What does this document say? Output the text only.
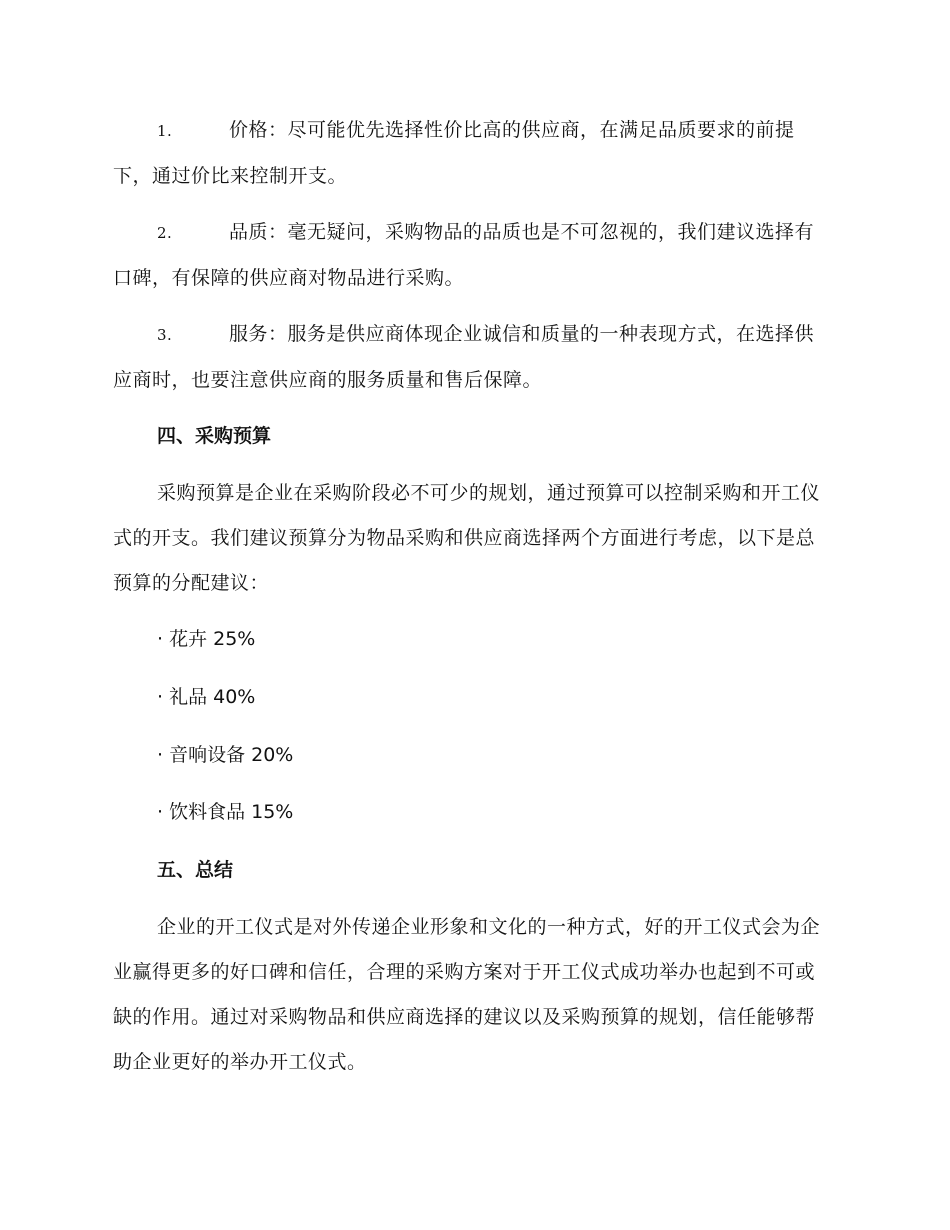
1.	价格：尽可能优先选择性价比高的供应商，在满足品质要求的前提下，通过价比来控制开支。
2.	品质：毫无疑问，采购物品的品质也是不可忽视的，我们建议选择有口碑，有保障的供应商对物品进行采购。
3.	服务：服务是供应商体现企业诚信和质量的一种表现方式，在选择供应商时，也要注意供应商的服务质量和售后保障。
四、采购预算
采购预算是企业在采购阶段必不可少的规划，通过预算可以控制采购和开工仪式的开支。我们建议预算分为物品采购和供应商选择两个方面进行考虑，以下是总预算的分配建议：
· 花卉 25%
· 礼品 40%
· 音响设备 20%
· 饮料食品 15%
五、总结
企业的开工仪式是对外传递企业形象和文化的一种方式，好的开工仪式会为企业赢得更多的好口碑和信任，合理的采购方案对于开工仪式成功举办也起到不可或缺的作用。通过对采购物品和供应商选择的建议以及采购预算的规划，信任能够帮助企业更好的举办开工仪式。
